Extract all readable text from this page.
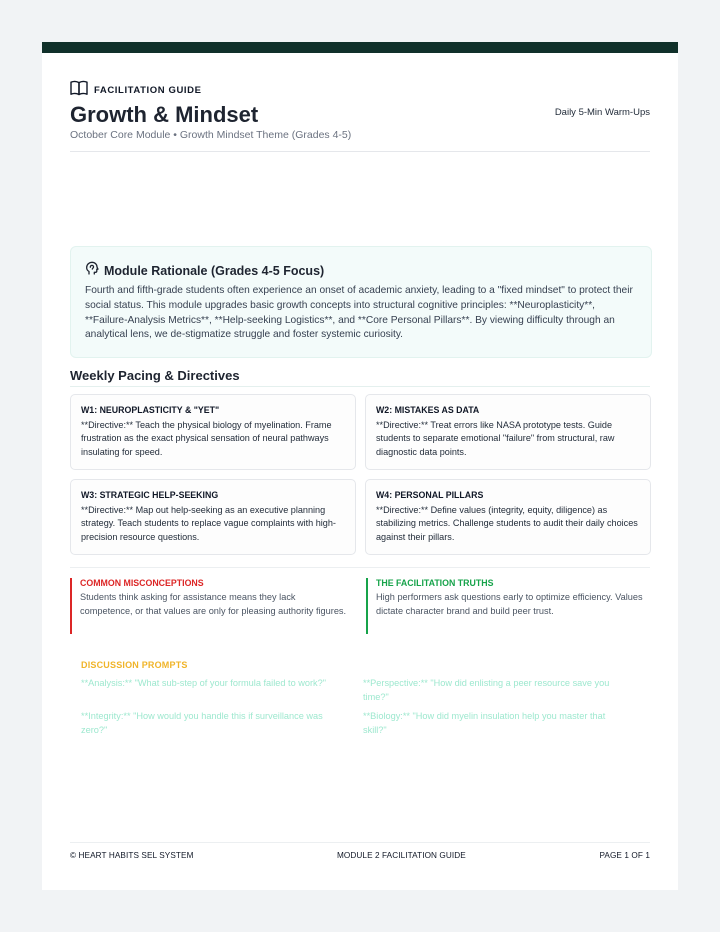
FACILITATION GUIDE
Growth & Mindset
October Core Module • Growth Mindset Theme (Grades 4-5)
Daily 5-Min Warm-Ups
Module Rationale (Grades 4-5 Focus)
Fourth and fifth-grade students often experience an onset of academic anxiety, leading to a "fixed mindset" to protect their social status. This module upgrades basic growth concepts into structural cognitive principles: **Neuroplasticity**, **Failure-Analysis Metrics**, **Help-seeking Logistics**, and **Core Personal Pillars**. By viewing difficulty through an analytical lens, we de-stigmatize struggle and foster systemic curiosity.
Weekly Pacing & Directives
W1: NEUROPLASTICITY & "YET"
**Directive:** Teach the physical biology of myelination. Frame frustration as the exact physical sensation of neural pathways insulating for speed.
W2: MISTAKES AS DATA
**Directive:** Treat errors like NASA prototype tests. Guide students to separate emotional "failure" from structural, raw diagnostic data points.
W3: STRATEGIC HELP-SEEKING
**Directive:** Map out help-seeking as an executive planning strategy. Teach students to replace vague complaints with high-precision resource questions.
W4: PERSONAL PILLARS
**Directive:** Define values (integrity, equity, diligence) as stabilizing metrics. Challenge students to audit their daily choices against their pillars.
COMMON MISCONCEPTIONS
Students think asking for assistance means they lack competence, or that values are only for pleasing authority figures.
THE FACILITATION TRUTHS
High performers ask questions early to optimize efficiency. Values dictate character brand and build peer trust.
DISCUSSION PROMPTS
**Analysis:** "What sub-step of your formula failed to work?"	**Perspective:** "How did enlisting a peer resource save you time?"
**Integrity:** "How would you handle this if surveillance was zero?"
**Biology:** "How did myelin insulation help you master that skill?"
© HEART HABITS SEL SYSTEM	MODULE 2 FACILITATION GUIDE	PAGE 1 OF 1
